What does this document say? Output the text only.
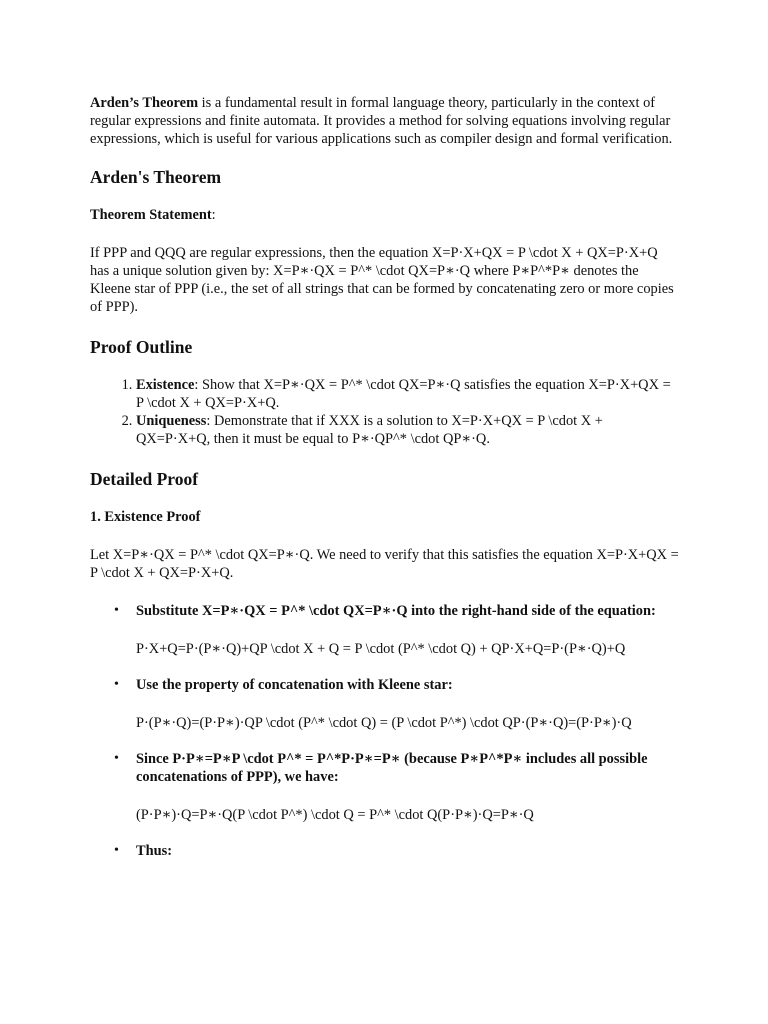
Arden’s Theorem is a fundamental result in formal language theory, particularly in the context of regular expressions and finite automata. It provides a method for solving equations involving regular expressions, which is useful for various applications such as compiler design and formal verification.

Arden's Theorem
Theorem Statement:

If PPP and QQQ are regular expressions, then the equation X=P·X+QX = P \cdot X + QX=P·X+Q has a unique solution given by: X=P∗·QX = P^* \cdot QX=P∗·Q where P∗P^*P∗ denotes the Kleene star of PPP (i.e., the set of all strings that can be formed by concatenating zero or more copies of PPP).

Proof Outline
1. Existence: Show that X=P∗·QX = P^* \cdot QX=P∗·Q satisfies the equation X=P·X+QX = P \cdot X + QX=P·X+Q.
2. Uniqueness: Demonstrate that if XXX is a solution to X=P·X+QX = P \cdot X + QX=P·X+Q, then it must be equal to P∗·QP^* \cdot QP∗·Q.
Detailed Proof
1. Existence Proof

Let X=P∗·QX = P^* \cdot QX=P∗·Q. We need to verify that this satisfies the equation X=P·X+QX = P \cdot X + QX=P·X+Q.

• Substitute X=P∗·QX = P^* \cdot QX=P∗·Q into the right-hand side of the equation:
P·X+Q=P·(P∗·Q)+QP \cdot X + Q = P \cdot (P^* \cdot Q) + QP·X+Q=P·(P∗·Q)+Q
• Use the property of concatenation with Kleene star:
P·(P∗·Q)=(P·P∗)·QP \cdot (P^* \cdot Q) = (P \cdot P^*) \cdot QP·(P∗·Q)=(P·P∗)·Q
• Since P·P∗=P∗P \cdot P^* = P^*P·P∗=P∗ (because P∗P^*P∗ includes all possible concatenations of PPP), we have:
(P·P∗)·Q=P∗·Q(P \cdot P^*) \cdot Q = P^* \cdot Q(P·P∗)·Q=P∗·Q
• Thus:
